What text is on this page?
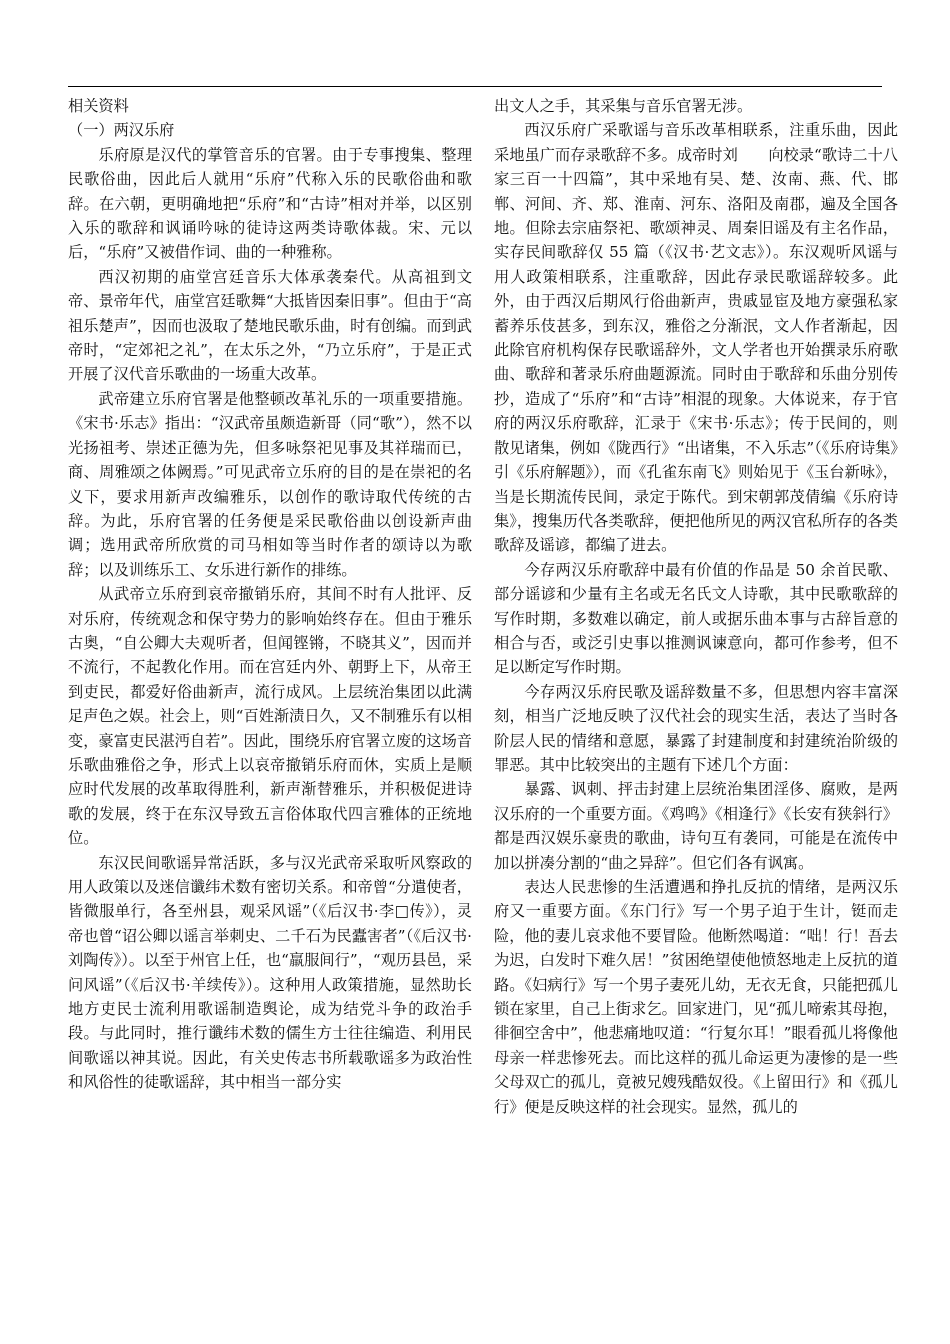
相关资料

（一）两汉乐府

乐府原是汉代的掌管音乐的官署。由于专事搜集、整理民歌俗曲，因此后人就用“乐府”代称入乐的民歌俗曲和歌辞。在六朝，更明确地把“乐府”和“古诗”相对并举，以区别入乐的歌辞和讽诵吟咏的徒诗这两类诗歌体裁。宋、元以后，“乐府”又被借作词、曲的一种雅称。

西汉初期的庙堂宫廷音乐大体承袭秦代。从高祖到文帝、景帝年代，庙堂宫廷歌舞“大抵皆因秦旧事”。但由于“高祖乐楚声”，因而也汲取了楚地民歌乐曲，时有创编。而到武帝时，“定郊祀之礼”，在太乐之外，“乃立乐府”，于是正式开展了汉代音乐歌曲的一场重大改革。

武帝建立乐府官署是他整顿改革礼乐的一项重要措施。《宋书·乐志》指出：“汉武帝虽颇造新哥（同“歌”），然不以光扬祖考、崇述正德为先，但多咏祭祀见事及其祥瑞而已，商、周雅颂之体阙焉。”可见武帝立乐府的目的是在崇祀的名义下，要求用新声改编雅乐，以创作的歌诗取代传统的古辞。为此，乐府官署的任务便是采民歌俗曲以创设新声曲调；选用武帝所欣赏的司马相如等当时作者的颂诗以为歌辞；以及训练乐工、女乐进行新作的排练。

从武帝立乐府到哀帝撤销乐府，其间不时有人批评、反对乐府，传统观念和保守势力的影响始终存在。但由于雅乐古奥，“自公卿大夫观听者，但闻铿锵，不晓其义”，因而并不流行，不起教化作用。而在宫廷内外、朝野上下，从帝王到吏民，都爱好俗曲新声，流行成风。上层统治集团以此满足声色之娱。社会上，则“百姓渐渍日久，又不制雅乐有以相变，豪富吏民湛沔自若”。因此，围绕乐府官署立废的这场音乐歌曲雅俗之争，形式上以哀帝撤销乐府而休，实质上是顺应时代发展的改革取得胜利，新声渐替雅乐，并积极促进诗歌的发展，终于在东汉导致五言俗体取代四言雅体的正统地位。

东汉民间歌谣异常活跃，多与汉光武帝采取听风察政的用人政策以及迷信谶纬术数有密切关系。和帝曾“分遣使者，皆微服单行，各至州县，观采风谣”（《后汉书·李□传》），灵帝也曾“诏公卿以谣言举刺史、二千石为民蠹害者”（《后汉书·刘陶传》）。以至于州官上任，也“羸服间行”，“观历县邑，采问风谣”（《后汉书·羊续传》）。这种用人政策措施，显然助长地方吏民士流利用歌谣制造舆论，成为结党斗争的政治手段。与此同时，推行谶纬术数的儒生方士往往编造、利用民间歌谣以神其说。因此，有关史传志书所载歌谣多为政治性和风俗性的徒歌谣辞，其中相当一部分实

出文人之手，其采集与音乐官署无涉。

西汉乐府广采歌谣与音乐改革相联系，注重乐曲，因此采地虽广而存录歌辞不多。成帝时刘　　向校录“歌诗二十八家三百一十四篇”，其中采地有吴、楚、汝南、燕、代、邯郸、河间、齐、郑、淮南、河东、洛阳及南郡，遍及全国各地。但除去宗庙祭祀、歌颂神灵、周秦旧谣及有主名作品，实存民间歌辞仅 55 篇（《汉书·艺文志》）。东汉观听风谣与用人政策相联系，注重歌辞，因此存录民歌谣辞较多。此外，由于西汉后期风行俗曲新声，贵戚显宦及地方豪强私家蓄养乐伎甚多，到东汉，雅俗之分渐泯，文人作者渐起，因此除官府机构保存民歌谣辞外，文人学者也开始撰录乐府歌曲、歌辞和著录乐府曲题源流。同时由于歌辞和乐曲分别传抄，造成了“乐府”和“古诗”相混的现象。大体说来，存于官府的两汉乐府歌辞，汇录于《宋书·乐志》；传于民间的，则散见诸集，例如《陇西行》“出诸集，不入乐志”（《乐府诗集》引《乐府解题》），而《孔雀东南飞》则始见于《玉台新咏》，当是长期流传民间，录定于陈代。到宋朝郭茂倩编《乐府诗集》，搜集历代各类歌辞，便把他所见的两汉官私所存的各类歌辞及谣谚，都编了进去。

今存两汉乐府歌辞中最有价值的作品是 50 余首民歌、部分谣谚和少量有主名或无名氏文人诗歌，其中民歌歌辞的写作时期，多数难以确定，前人或据乐曲本事与古辞旨意的相合与否，或泛引史事以推测讽谏意向，都可作参考，但不足以断定写作时期。

今存两汉乐府民歌及谣辞数量不多，但思想内容丰富深刻，相当广泛地反映了汉代社会的现实生活，表达了当时各阶层人民的情绪和意愿，暴露了封建制度和封建统治阶级的罪恶。其中比较突出的主题有下述几个方面：

暴露、讽刺、抨击封建上层统治集团淫侈、腐败，是两汉乐府的一个重要方面。《鸡鸣》《相逢行》《长安有狭斜行》都是西汉娱乐豪贵的歌曲，诗句互有袭同，可能是在流传中加以拼凑分割的“曲之异辞”。但它们各有讽寓。

表达人民悲惨的生活遭遇和挣扎反抗的情绪，是两汉乐府又一重要方面。《东门行》写一个男子迫于生计，铤而走险，他的妻儿哀求他不要冒险。他断然喝道：“咄！行！吾去为迟，白发时下难久居！”贫困绝望使他愤怒地走上反抗的道路。《妇病行》写一个男子妻死儿幼，无衣无食，只能把孤儿锁在家里，自己上街求乞。回家进门，见“孤儿啼索其母抱，徘徊空舍中”，他悲痛地叹道：“行复尔耳！”眼看孤儿将像他母亲一样悲惨死去。而比这样的孤儿命运更为凄惨的是一些父母双亡的孤儿，竟被兄嫂残酷奴役。《上留田行》和《孤儿行》便是反映这样的社会现实。显然，孤儿的
